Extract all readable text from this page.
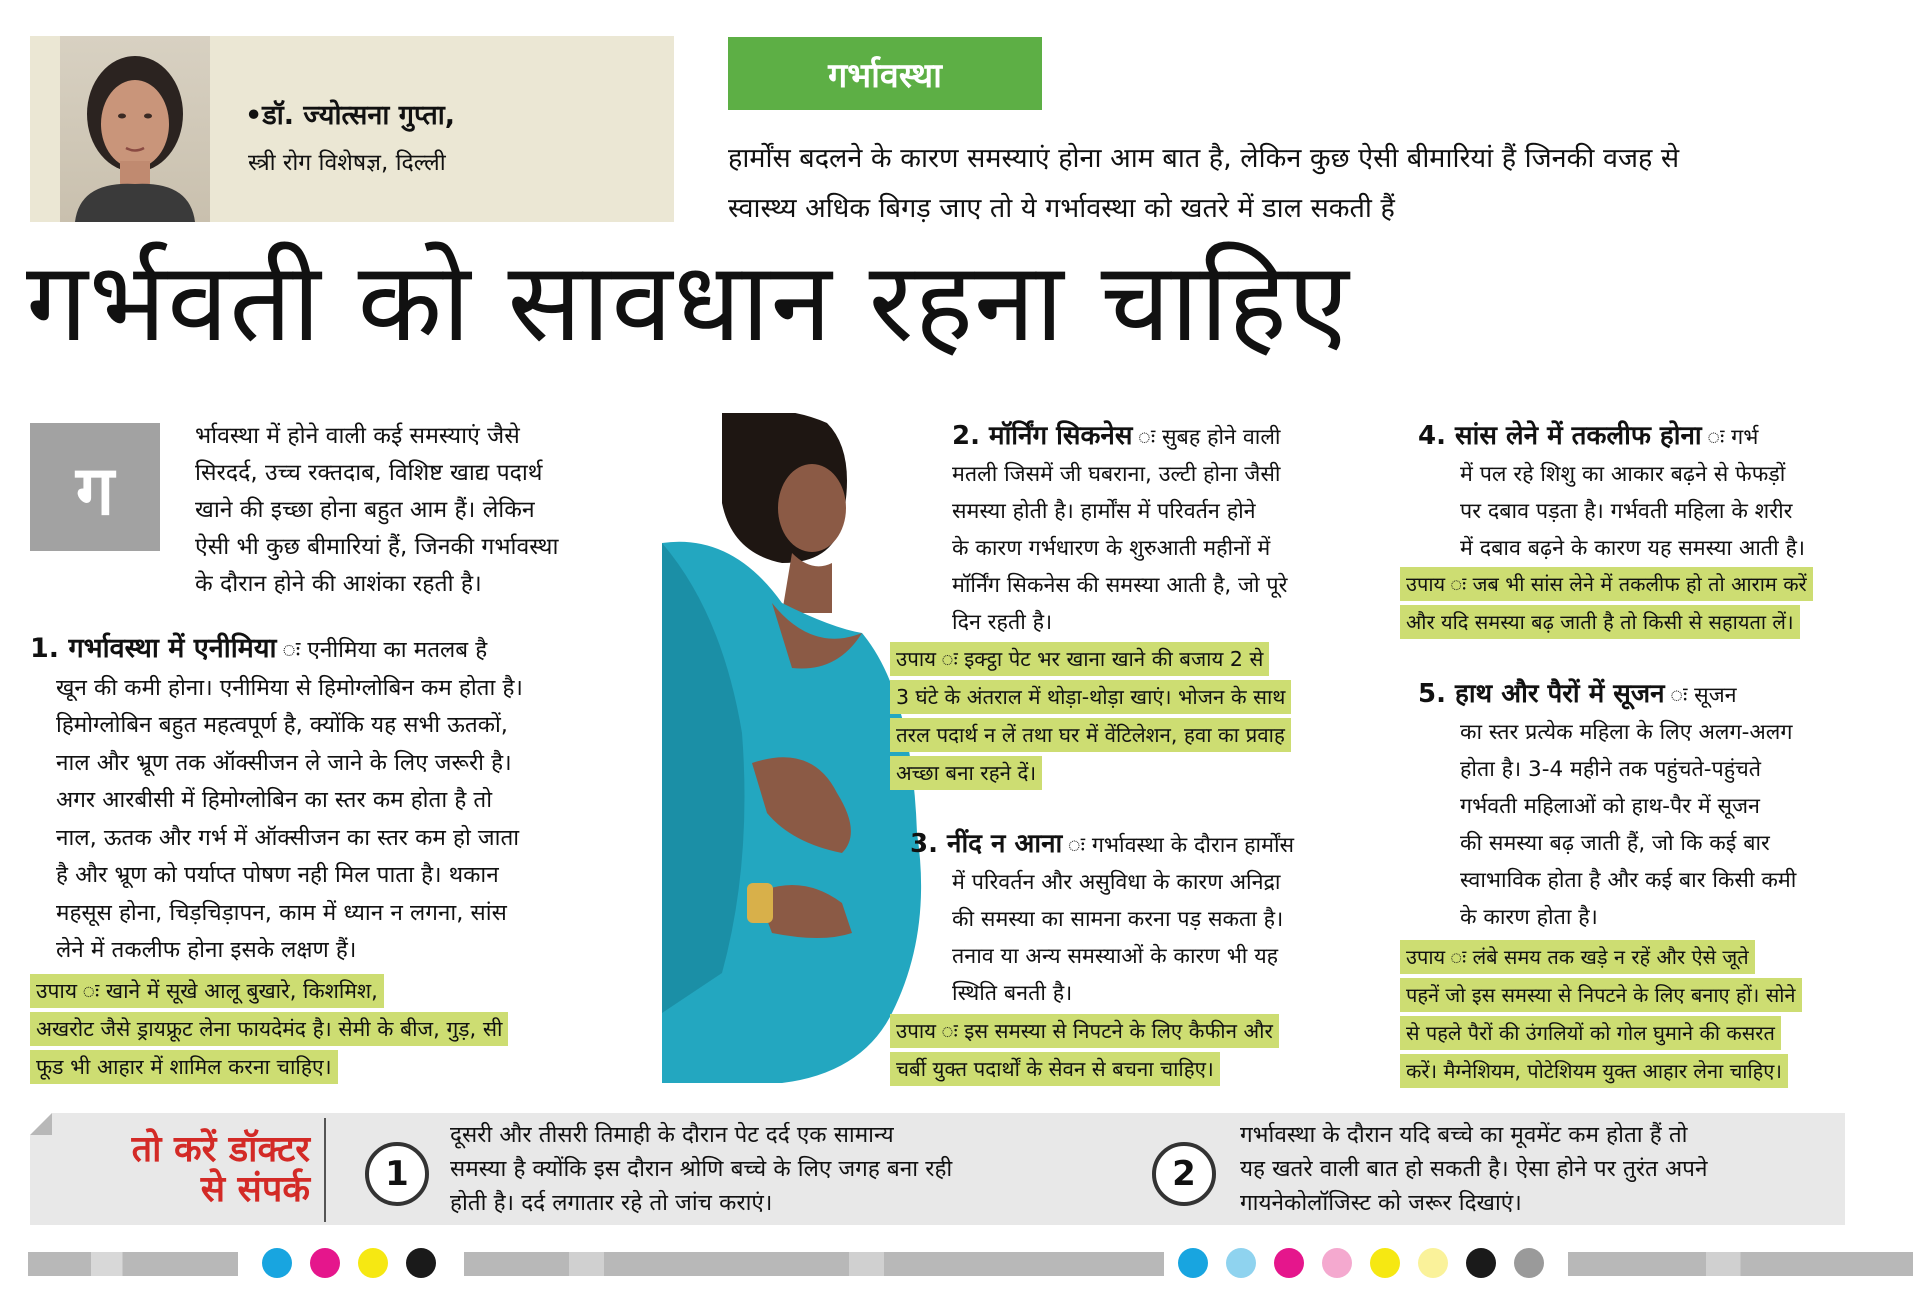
•डॉ. ज्योत्सना गुप्ता,
स्त्री रोग विशेषज्ञ, दिल्ली
गर्भावस्था
हार्मोंस बदलने के कारण समस्याएं होना आम बात है, लेकिन कुछ ऐसी बीमारियां हैं जिनकी वजह से
स्वास्थ्य अधिक बिगड़ जाए तो ये गर्भावस्था को खतरे में डाल सकती हैं
गर्भवती को सावधान रहना चाहिए
ग
र्भावस्था में होने वाली कई समस्याएं जैसे
सिरदर्द, उच्च रक्तदाब, विशिष्ट खाद्य पदार्थ
खाने की इच्छा होना बहुत आम हैं। लेकिन
ऐसी भी कुछ बीमारियां हैं, जिनकी गर्भावस्था
के दौरान होने की आशंका रहती है।
1. गर्भावस्था में एनीमिया ः एनीमिया का मतलब है
खून की कमी होना। एनीमिया से हिमोग्लोबिन कम होता है।
हिमोग्लोबिन बहुत महत्वपूर्ण है, क्योंकि यह सभी ऊतकों,
नाल और भ्रूण तक ऑक्सीजन ले जाने के लिए जरूरी है।
अगर आरबीसी में हिमोग्लोबिन का स्तर कम होता है तो
नाल, ऊतक और गर्भ में ऑक्सीजन का स्तर कम हो जाता
है और भ्रूण को पर्याप्त पोषण नही मिल पाता है। थकान
महसूस होना, चिड़चिड़ापन, काम में ध्यान न लगना, सांस
लेने में तकलीफ होना इसके लक्षण हैं।
उपाय ः खाने में सूखे आलू बुखारे, किशमिश,
अखरोट जैसे ड्रायफ्रूट लेना फायदेमंद है। सेमी के बीज, गुड़, सी
फूड भी आहार में शामिल करना चाहिए।
2. मॉर्निंग सिकनेस ः सुबह होने वाली
मतली जिसमें जी घबराना, उल्टी होना जैसी
समस्या होती है। हार्मोंस में परिवर्तन होने
के कारण गर्भधारण के शुरुआती महीनों में
मॉर्निंग सिकनेस की समस्या आती है, जो पूरे
दिन रहती है।
उपाय ः इक्ट्ठा पेट भर खाना खाने की बजाय 2 से
3 घंटे के अंतराल में थोड़ा-थोड़ा खाएं। भोजन के साथ
तरल पदार्थ न लें तथा घर में वेंटिलेशन, हवा का प्रवाह
अच्छा बना रहने दें।
3. नींद न आना ः गर्भावस्था के दौरान हार्मोंस
में परिवर्तन और असुविधा के कारण अनिद्रा
की समस्या का सामना करना पड़ सकता है।
तनाव या अन्य समस्याओं के कारण भी यह
स्थिति बनती है।
उपाय ः इस समस्या से निपटने के लिए कैफीन और
चर्बी युक्त पदार्थों के सेवन से बचना चाहिए।
4. सांस लेने में तकलीफ होना ः गर्भ
में पल रहे शिशु का आकार बढ़ने से फेफड़ों
पर दबाव पड़ता है। गर्भवती महिला के शरीर
में दबाव बढ़ने के कारण यह समस्या आती है।
उपाय ः जब भी सांस लेने में तकलीफ हो तो आराम करें
और यदि समस्या बढ़ जाती है तो किसी से सहायता लें।
5. हाथ और पैरों में सूजन ः सूजन
का स्तर प्रत्येक महिला के लिए अलग-अलग
होता है। 3-4 महीने तक पहुंचते-पहुंचते
गर्भवती महिलाओं को हाथ-पैर में सूजन
की समस्या बढ़ जाती हैं, जो कि कई बार
स्वाभाविक होता है और कई बार किसी कमी
के कारण होता है।
उपाय ः लंबे समय तक खड़े न रहें और ऐसे जूते
पहनें जो इस समस्या से निपटने के लिए बनाए हों। सोने
से पहले पैरों की उंगलियों को गोल घुमाने की कसरत
करें। मैग्नेशियम, पोटेशियम युक्त आहार लेना चाहिए।
तो करें डॉक्टर
से संपर्क 1
दूसरी और तीसरी तिमाही के दौरान पेट दर्द एक सामान्य
समस्या है क्योंकि इस दौरान श्रोणि बच्चे के लिए जगह बना रही
होती है। दर्द लगातार रहे तो जांच कराएं।
2
गर्भावस्था के दौरान यदि बच्चे का मूवमेंट कम होता हैं तो
यह खतरे वाली बात हो सकती है। ऐसा होने पर तुरंत अपने
गायनेकोलॉजिस्ट को जरूर दिखाएं।
